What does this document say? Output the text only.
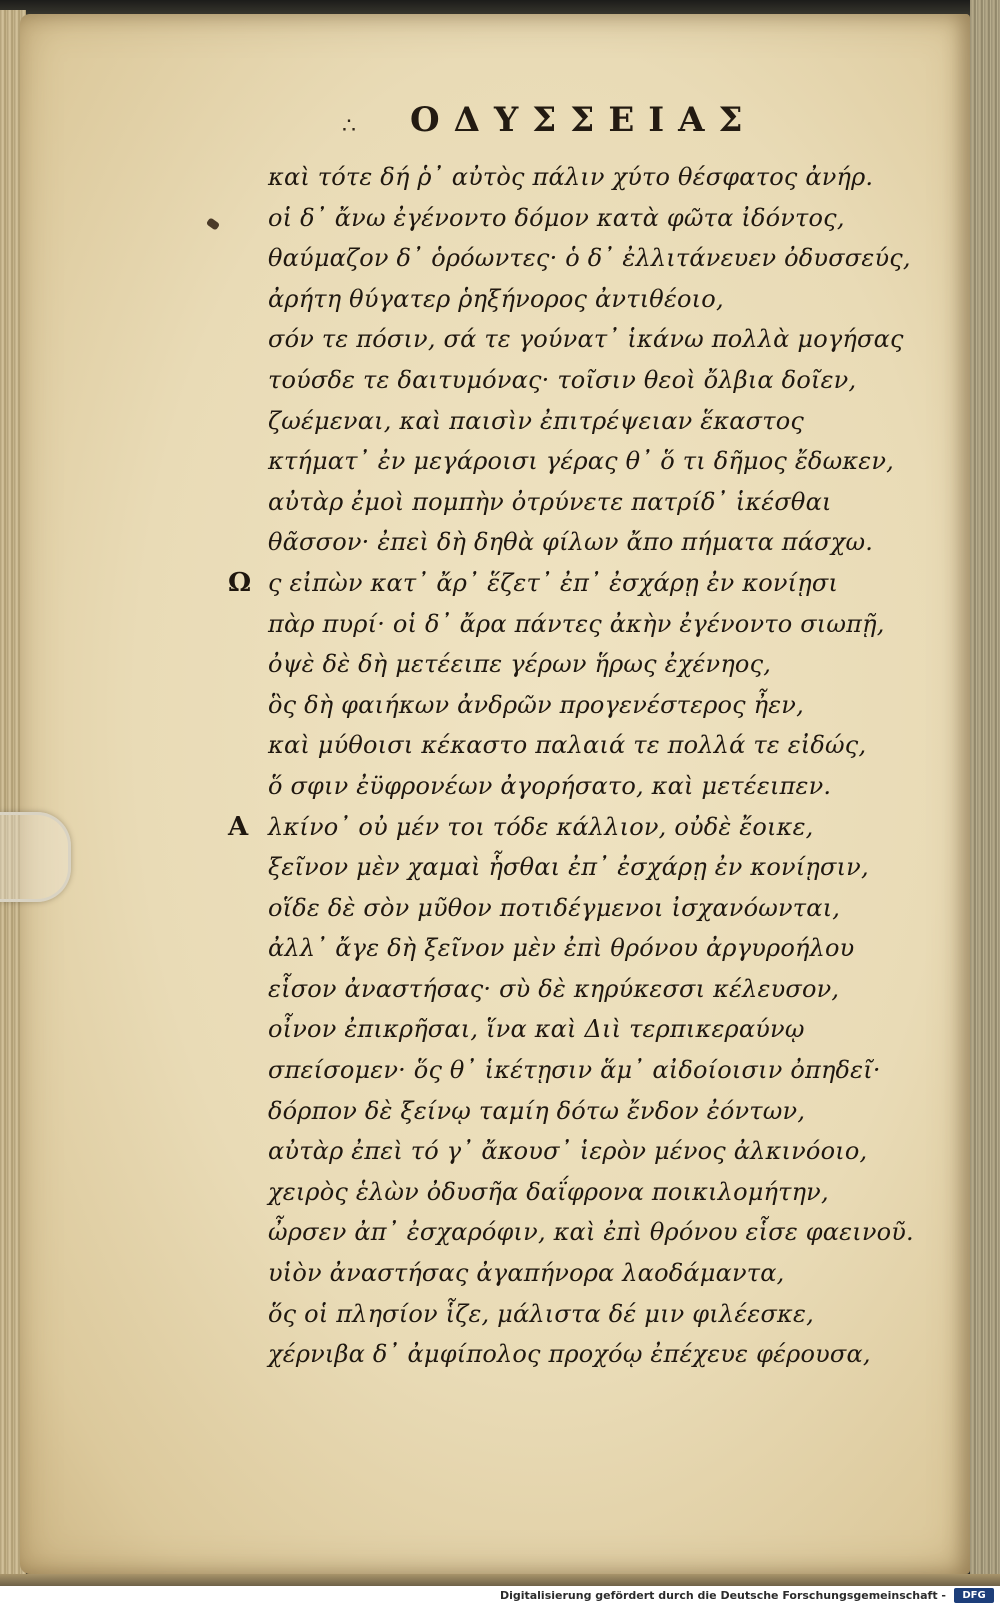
∴ ΟΔΥΣΣΕΙΑΣ
καὶ τότε δή ῥ᾽ αὐτὸς πάλιν χύτο θέσφατος ἀνήρ.
οἱ δ᾽ ἄνω ἐγένοντο δόμον κατὰ φῶτα ἰδόντος,
θαύμαζον δ᾽ ὁρόωντες· ὁ δ᾽ ἐλλιτάνευεν ὀδυσσεύς,
ἀρήτη θύγατερ ῥηξήνορος ἀντιθέοιο,
σόν τε πόσιν, σά τε γούνατ᾽ ἱκάνω πολλὰ μογήσας
τούσδε τε δαιτυμόνας· τοῖσιν θεοὶ ὄλβια δοῖεν,
ζωέμεναι, καὶ παισὶν ἐπιτρέψειαν ἕκαστος
κτήματ᾽ ἐν μεγάροισι γέρας θ᾽ ὅ τι δῆμος ἔδωκεν,
αὐτὰρ ἐμοὶ πομπὴν ὀτρύνετε πατρίδ᾽ ἱκέσθαι
θᾶσσον· ἐπεὶ δὴ δηθὰ φίλων ἄπο πήματα πάσχω.
Ω ς εἰπὼν κατ᾽ ἄρ᾽ ἕζετ᾽ ἐπ᾽ ἐσχάρῃ ἐν κονίῃσι
πὰρ πυρί· οἱ δ᾽ ἄρα πάντες ἀκὴν ἐγένοντο σιωπῇ,
ὀψὲ δὲ δὴ μετέειπε γέρων ἥρως ἐχένηος,
ὃς δὴ φαιήκων ἀνδρῶν προγενέστερος ἦεν,
καὶ μύθοισι κέκαστο παλαιά τε πολλά τε εἰδώς,
ὅ σφιν ἐϋφρονέων ἀγορήσατο, καὶ μετέειπεν.
Α λκίνο᾽ οὐ μέν τοι τόδε κάλλιον, οὐδὲ ἔοικε,
ξεῖνον μὲν χαμαὶ ἧσθαι ἐπ᾽ ἐσχάρῃ ἐν κονίῃσιν,
οἵδε δὲ σὸν μῦθον ποτιδέγμενοι ἰσχανόωνται,
ἀλλ᾽ ἄγε δὴ ξεῖνον μὲν ἐπὶ θρόνου ἀργυροήλου
εἷσον ἀναστήσας· σὺ δὲ κηρύκεσσι κέλευσον,
οἶνον ἐπικρῆσαι, ἵνα καὶ Διὶ τερπικεραύνῳ
σπείσομεν· ὅς θ᾽ ἱκέτῃσιν ἅμ᾽ αἰδοίοισιν ὀπηδεῖ·
δόρπον δὲ ξείνῳ ταμίη δότω ἔνδον ἐόντων,
αὐτὰρ ἐπεὶ τό γ᾽ ἄκουσ᾽ ἱερὸν μένος ἀλκινόοιο,
χειρὸς ἑλὼν ὀδυσῆα δαΐφρονα ποικιλομήτην,
ὦρσεν ἀπ᾽ ἐσχαρόφιν, καὶ ἐπὶ θρόνου εἷσε φαεινοῦ.
υἱὸν ἀναστήσας ἀγαπήνορα λαοδάμαντα,
ὅς οἱ πλησίον ἷζε, μάλιστα δέ μιν φιλέεσκε,
χέρνιβα δ᾽ ἀμφίπολος προχόῳ ἐπέχευε φέρουσα,
Digitalisierung gefördert durch die Deutsche Forschungsgemeinschaft -	DFG
